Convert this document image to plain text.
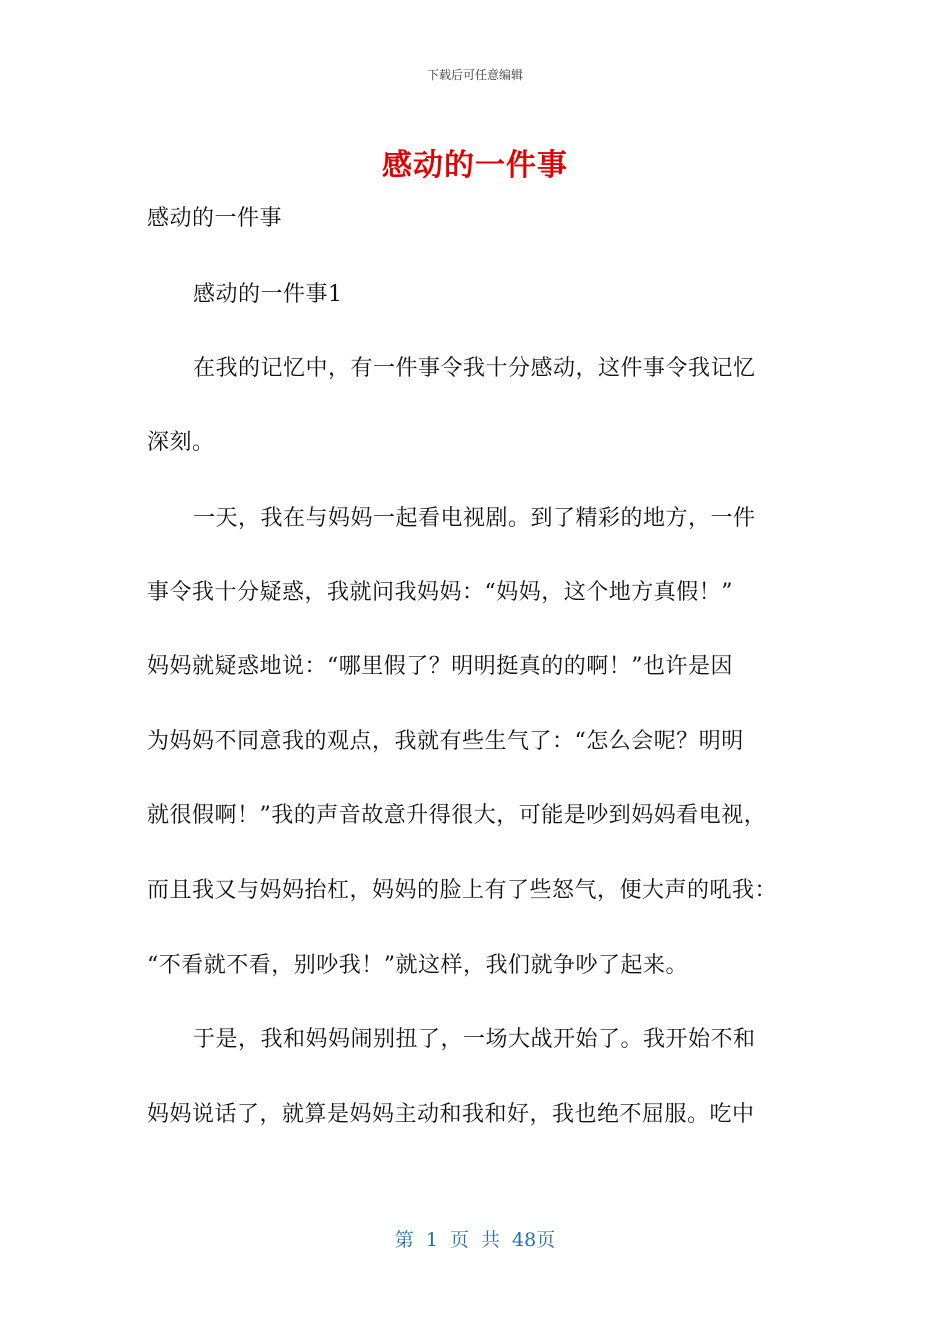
下载后可任意编辑
感动的一件事
感动的一件事
感动的一件事1
在我的记忆中，有一件事令我十分感动，这件事令我记忆
深刻。
一天，我在与妈妈一起看电视剧。到了精彩的地方，一件
事令我十分疑惑，我就问我妈妈：“妈妈，这个地方真假！”
妈妈就疑惑地说：“哪里假了？明明挺真的的啊！”也许是因
为妈妈不同意我的观点，我就有些生气了：“怎么会呢？明明
就很假啊！”我的声音故意升得很大，可能是吵到妈妈看电视，
而且我又与妈妈抬杠，妈妈的脸上有了些怒气，便大声的吼我：
“不看就不看，别吵我！”就这样，我们就争吵了起来。
于是，我和妈妈闹别扭了，一场大战开始了。我开始不和
妈妈说话了，就算是妈妈主动和我和好，我也绝不屈服。吃中
第 1 页 共 48页
